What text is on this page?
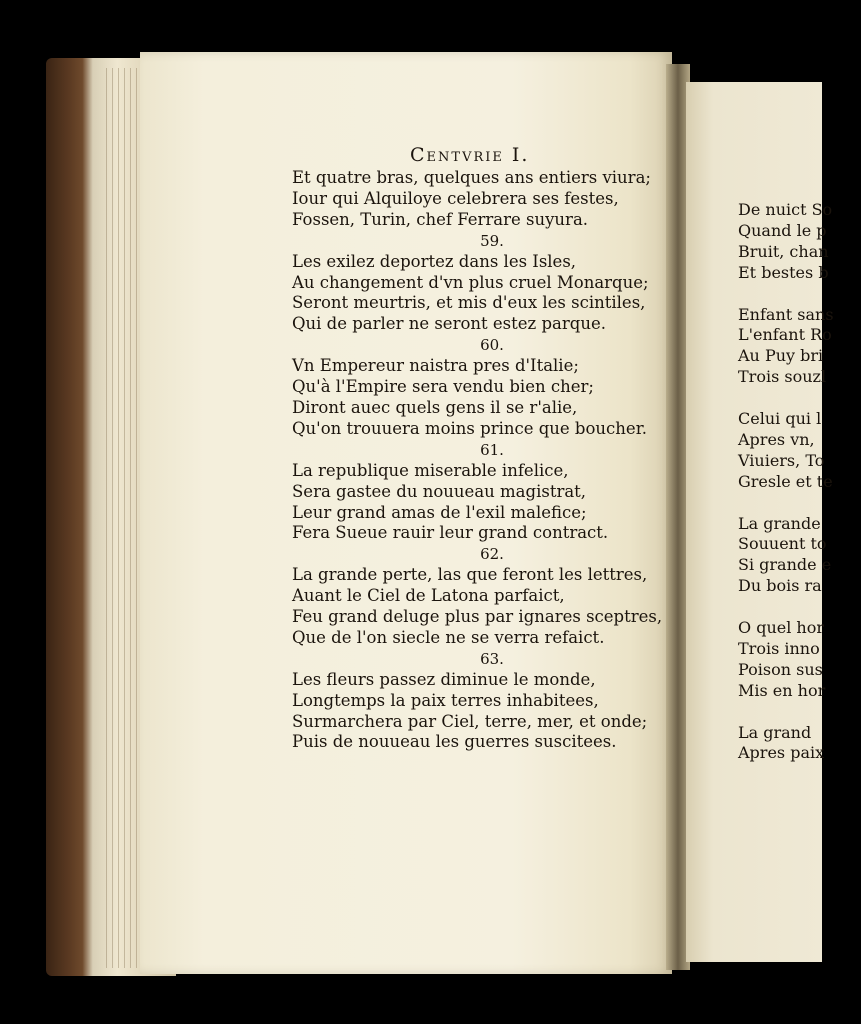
Centvrie I.
Et quatre bras, quelques ans entiers viura;
Iour qui Alquiloye celebrera ses festes,
Fossen, Turin, chef Ferrare suyura.
59.
Les exilez deportez dans les Isles,
Au changement d'vn plus cruel Monarque;
Seront meurtris, et mis d'eux les scintiles,
Qui de parler ne seront estez parque.
60.
Vn Empereur naistra pres d'Italie;
Qu'à l'Empire sera vendu bien cher;
Diront auec quels gens il se r'alie,
Qu'on trouuera moins prince que boucher.
61.
La republique miserable infelice,
Sera gastee du nouueau magistrat,
Leur grand amas de l'exil malefice;
Fera Sueue rauir leur grand contract.
62.
La grande perte, las que feront les lettres,
Auant le Ciel de Latona parfaict,
Feu grand deluge plus par ignares sceptres,
Que de l'on siecle ne se verra refaict.
63.
Les fleurs passez diminue le monde,
Longtemps la paix terres inhabitees,
Surmarchera par Ciel, terre, mer, et onde;
Puis de nouueau les guerres suscitees.
De nuict So
Quand le p
Bruit, chan
Et bestes b
Enfant sans
L'enfant Ro
Au Puy bri
Trois souzl
Celui qui l
Apres vn,
Viuiers, To
Gresle et te
La grande
Souuent to
Si grande e
Du bois ra
O quel hor
Trois inno
Poison sus
Mis en hor
La grand
Apres paix
